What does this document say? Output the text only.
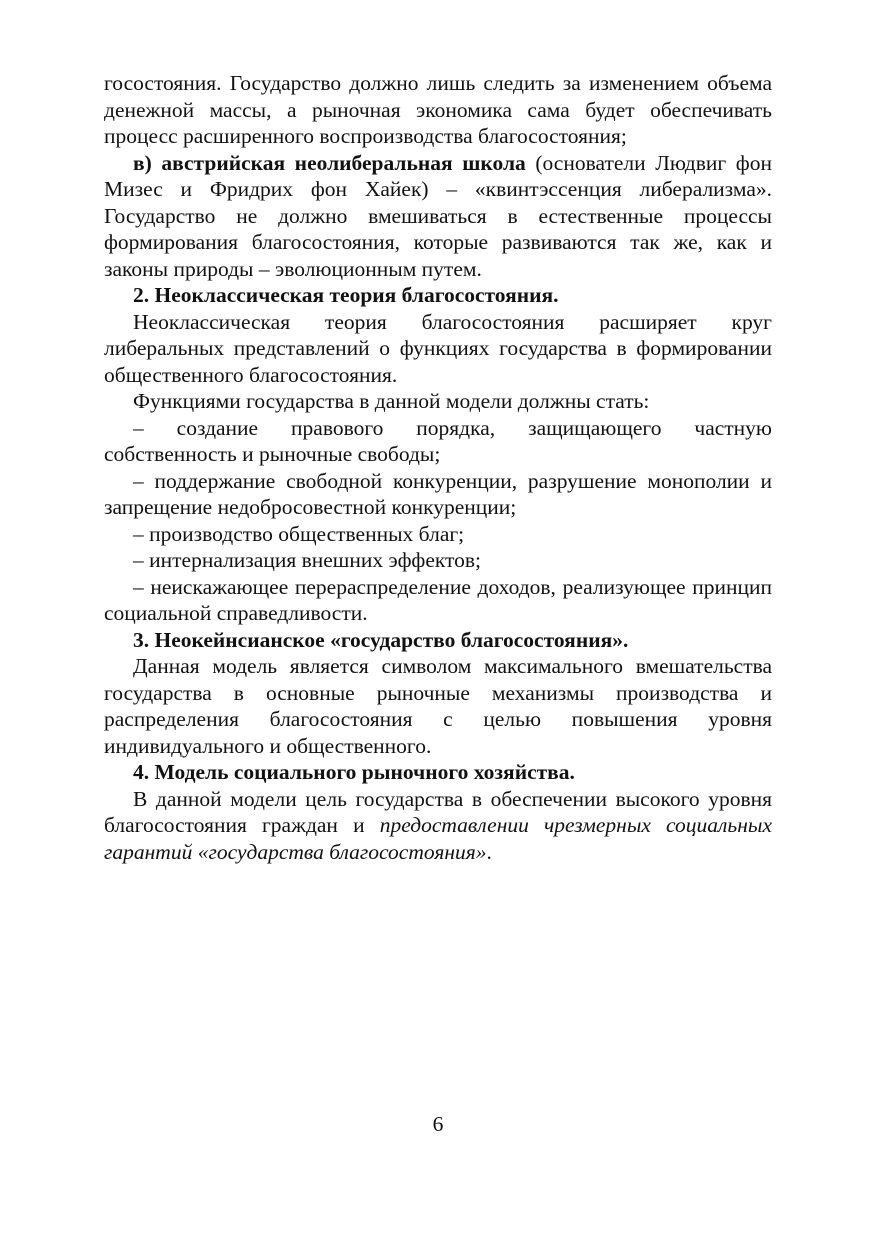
госостояния. Государство должно лишь следить за изменением объема денежной массы, а рыночная экономика сама будет обеспечивать процесс расширенного воспроизводства благосостояния;

в) австрийская неолиберальная школа (основатели Людвиг фон Мизес и Фридрих фон Хайек) – «квинтэссенция либерализма». Государство не должно вмешиваться в естественные процессы формирования благосостояния, которые развиваются так же, как и законы природы – эволюционным путем.

2. Неоклассическая теория благосостояния.

Неоклассическая теория благосостояния расширяет круг либеральных представлений о функциях государства в формировании общественного благосостояния.

Функциями государства в данной модели должны стать:

– создание правового порядка, защищающего частную собственность и рыночные свободы;

– поддержание свободной конкуренции, разрушение монополии и запрещение недобросовестной конкуренции;

– производство общественных благ;

– интернализация внешних эффектов;

– неискажающее перераспределение доходов, реализующее принцип социальной справедливости.

3. Неокейнсианское «государство благосостояния».

Данная модель является символом максимального вмешательства государства в основные рыночные механизмы производства и распределения благосостояния с целью повышения уровня индивидуального и общественного.

4. Модель социального рыночного хозяйства.

В данной модели цель государства в обеспечении высокого уровня благосостояния граждан и предоставлении чрезмерных социальных гарантий «государства благосостояния».

6
